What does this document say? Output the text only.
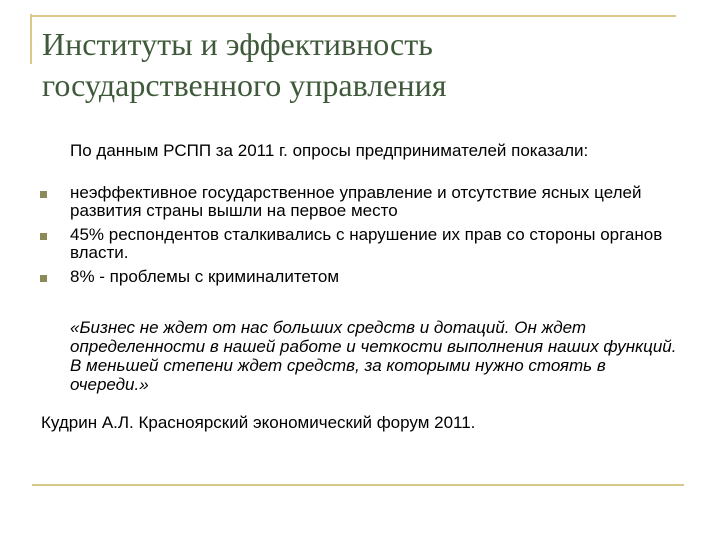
Институты и эффективность
государственного управления
По данным РСПП за 2011 г. опросы предпринимателей показали:
неэффективное государственное управление и отсутствие ясных целей развития страны вышли на первое место
45% респондентов сталкивались с нарушение их прав со стороны органов власти.
8% - проблемы с криминалитетом
«Бизнес не ждет от нас больших средств и дотаций. Он ждет определенности в нашей работе и четкости выполнения наших функций. В меньшей степени ждет средств, за которыми нужно стоять в очереди.»
Кудрин А.Л. Красноярский экономический форум 2011.
